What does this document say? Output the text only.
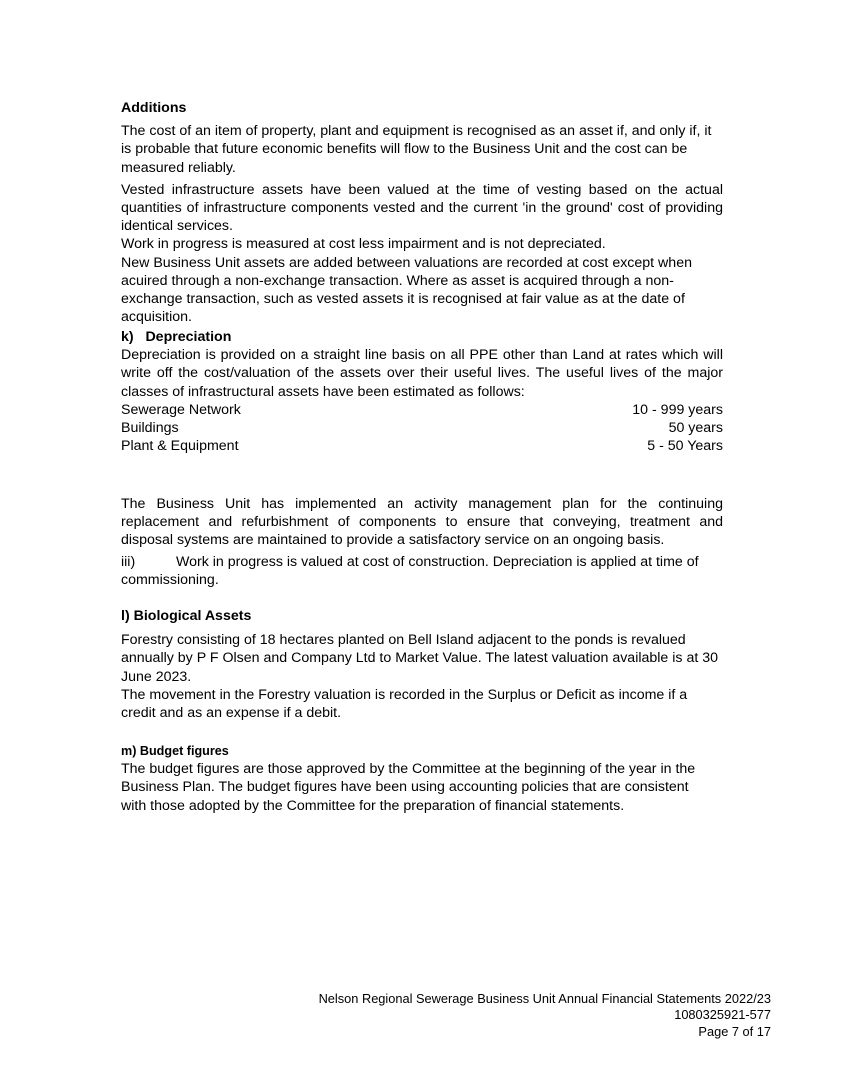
Additions

The cost of an item of property, plant and equipment is recognised as an asset if, and only if, it is probable that future economic benefits will flow to the Business Unit and the cost can be measured reliably.

Vested infrastructure assets have been valued at the time of vesting based on the actual quantities of infrastructure components vested and the current 'in the ground' cost of providing identical services.

Work in progress is measured at cost less impairment and is not depreciated.

New Business Unit assets are added between valuations are recorded at cost except when acuired through a non-exchange transaction. Where as asset is acquired through a non-exchange transaction, such as vested assets it is recognised at fair value as at the date of acquisition.

k)   Depreciation

Depreciation is provided on a straight line basis on all PPE other than Land at rates which will write off the cost/valuation of the assets over their useful lives. The useful lives of the major classes of infrastructural assets have been estimated as follows:

Sewerage Network	10 - 999 years
Buildings	50 years
Plant & Equipment	5 - 50 Years

The Business Unit has implemented an activity management plan for the continuing replacement and refurbishment of components to ensure that conveying, treatment and disposal systems are maintained to provide a satisfactory service on an ongoing basis.

iii)	Work in progress is valued at cost of construction. Depreciation is applied at time of commissioning.

l) Biological Assets

Forestry consisting of 18 hectares planted on Bell Island adjacent to the ponds is revalued annually by P F Olsen and Company Ltd to Market Value. The latest valuation available is at 30 June 2023.

The movement in the Forestry valuation is recorded in the Surplus or Deficit as income if a credit and as an expense if a debit.

m) Budget figures

The budget figures are those approved by the Committee at the beginning of the year in the Business Plan. The budget figures have been using accounting policies that are consistent with those adopted by the Committee for the preparation of financial statements.

Nelson Regional Sewerage Business Unit Annual Financial Statements 2022/23
1080325921-577
Page 7 of 17
